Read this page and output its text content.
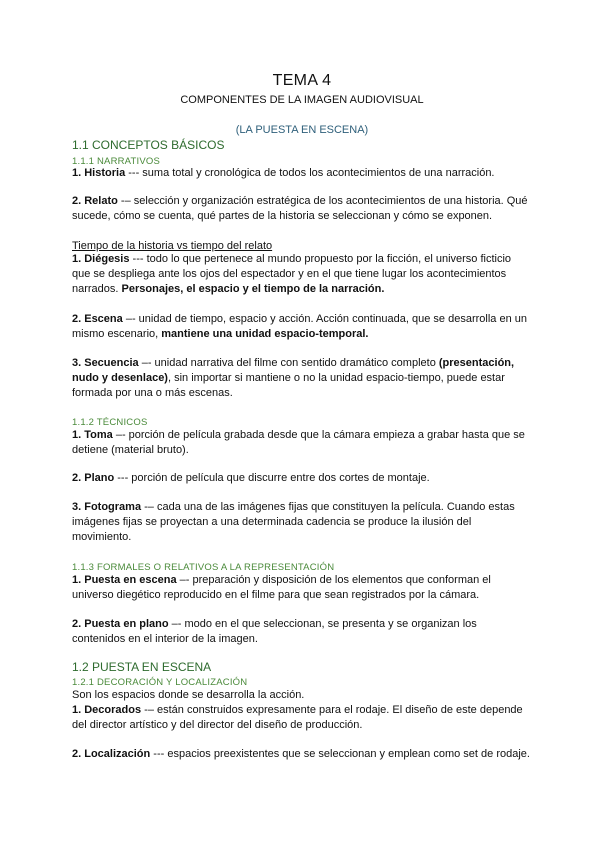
TEMA 4
COMPONENTES DE LA IMAGEN AUDIOVISUAL
(LA PUESTA EN ESCENA)
1.1 CONCEPTOS BÁSICOS
1.1.1 NARRATIVOS
1. Historia --- suma total y cronológica de todos los acontecimientos de una narración.
2. Relato -– selección y organización estratégica de los acontecimientos de una historia. Qué sucede, cómo se cuenta, qué partes de la historia se seleccionan y cómo se exponen.
Tiempo de la historia vs tiempo del relato
1. Diégesis --- todo lo que pertenece al mundo propuesto por la ficción, el universo ficticio que se despliega ante los ojos del espectador y en el que tiene lugar los acontecimientos narrados. Personajes, el espacio y el tiempo de la narración.
2. Escena –- unidad de tiempo, espacio y acción. Acción continuada, que se desarrolla en un mismo escenario, mantiene una unidad espacio-temporal.
3. Secuencia –- unidad narrativa del filme con sentido dramático completo (presentación, nudo y desenlace), sin importar si mantiene o no la unidad espacio-tiempo, puede estar formada por una o más escenas.
1.1.2 TÉCNICOS
1. Toma –- porción de película grabada desde que la cámara empieza a grabar hasta que se detiene (material bruto).
2. Plano --- porción de película que discurre entre dos cortes de montaje.
3. Fotograma -– cada una de las imágenes fijas que constituyen la película. Cuando estas imágenes fijas se proyectan a una determinada cadencia se produce la ilusión del movimiento.
1.1.3 FORMALES O RELATIVOS A LA REPRESENTACIÓN
1. Puesta en escena –- preparación y disposición de los elementos que conforman el universo diegético reproducido en el filme para que sean registrados por la cámara.
2. Puesta en plano –- modo en el que seleccionan, se presenta y se organizan los contenidos en el interior de la imagen.
1.2 PUESTA EN ESCENA
1.2.1 DECORACIÓN Y LOCALIZACIÓN
Son los espacios donde se desarrolla la acción.
1. Decorados -– están construidos expresamente para el rodaje. El diseño de este depende del director artístico y del director del diseño de producción.
2. Localización --- espacios preexistentes que se seleccionan y emplean como set de rodaje.
